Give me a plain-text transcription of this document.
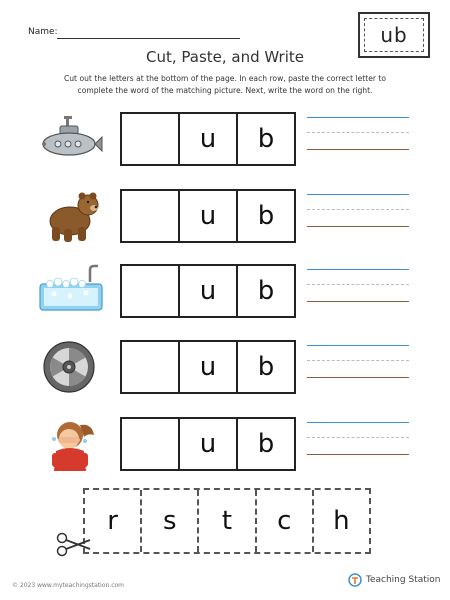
Name:	ub
Cut, Paste, and Write
Cut out the letters at the bottom of the page. In each row, paste the correct letter to complete the word of the matching picture. Next, write the word on the right.
u	b
u	b
u	b
u	b
u	b
r	s	t	c	h
© 2023 www.myteachingstation.com
Teaching Station
